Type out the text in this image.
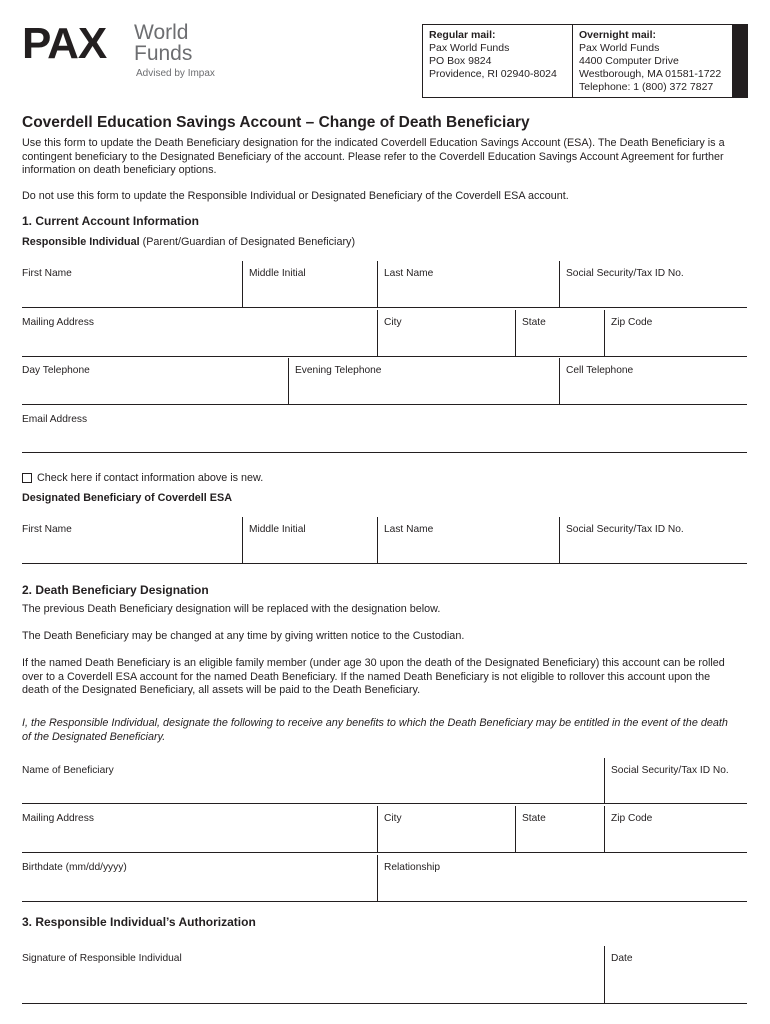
PAX World
Funds
Advised by Impax
Regular mail:
Pax World Funds
PO Box 9824
Providence, RI 02940-8024
Overnight mail:
Pax World Funds
4400 Computer Drive
Westborough, MA 01581-1722
Telephone: 1 (800) 372 7827
Coverdell Education Savings Account – Change of Death Beneficiary
Use this form to update the Death Beneficiary designation for the indicated Coverdell Education Savings Account (ESA). The Death Beneficiary is a contingent beneficiary to the Designated Beneficiary of the account. Please refer to the Coverdell Education Savings Account Agreement for further information on death beneficiary options.
Do not use this form to update the Responsible Individual or Designated Beneficiary of the Coverdell ESA account.
1. Current Account Information
Responsible Individual (Parent/Guardian of Designated Beneficiary)
First Name	Middle Initial	Last Name	Social Security/Tax ID No.
Mailing Address	City	State	Zip Code
Day Telephone	Evening Telephone	Cell Telephone
Email Address
Check here if contact information above is new.
Designated Beneficiary of Coverdell ESA
First Name	Middle Initial	Last Name	Social Security/Tax ID No.
2. Death Beneficiary Designation
The previous Death Beneficiary designation will be replaced with the designation below.
The Death Beneficiary may be changed at any time by giving written notice to the Custodian.
If the named Death Beneficiary is an eligible family member (under age 30 upon the death of the Designated Beneficiary) this account can be rolled over to a Coverdell ESA account for the named Death Beneficiary. If the named Death Beneficiary is not eligible to rollover this account upon the death of the Designated Beneficiary, all assets will be paid to the Death Beneficiary.
I, the Responsible Individual, designate the following to receive any benefits to which the Death Beneficiary may be entitled in the event of the death of the Designated Beneficiary.
Name of Beneficiary	Social Security/Tax ID No.
Mailing Address	City	State	Zip Code
Birthdate (mm/dd/yyyy)	Relationship
3. Responsible Individual’s Authorization
Signature of Responsible Individual	Date
